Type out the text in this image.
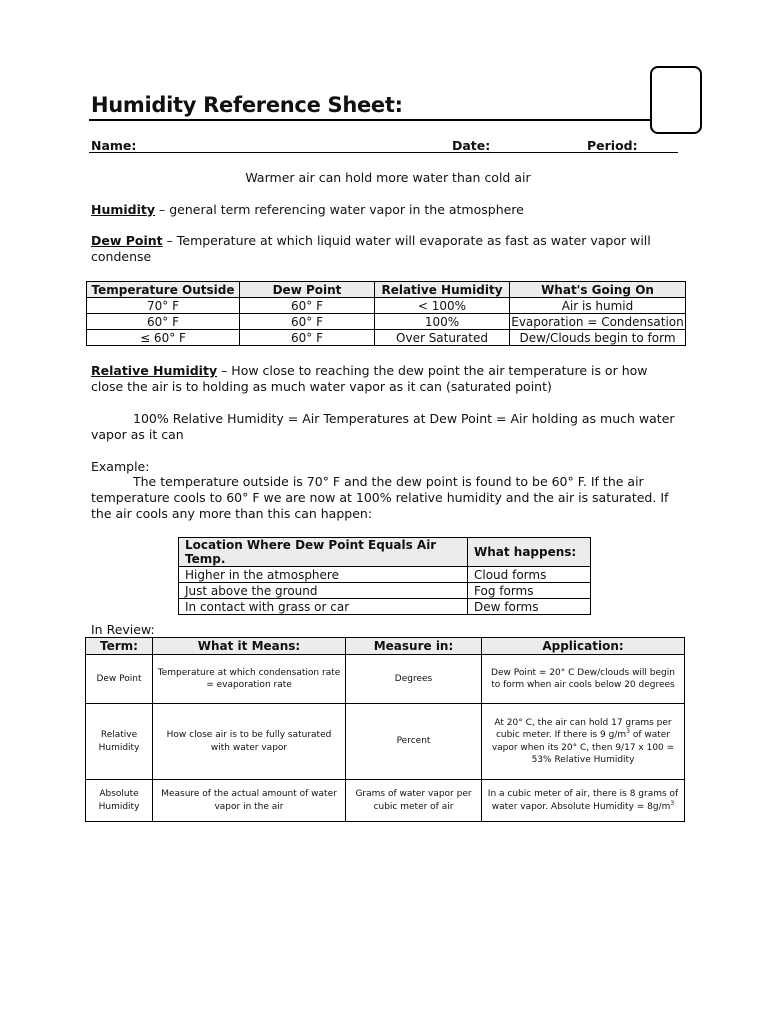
Humidity Reference Sheet:
Name:	Date:	Period:
Warmer air can hold more water than cold air
Humidity – general term referencing water vapor in the atmosphere
Dew Point – Temperature at which liquid water will evaporate as fast as water vapor will condense
Temperature Outside	Dew Point	Relative Humidity	What's Going On
70° F	60° F	< 100%	Air is humid
60° F	60° F	100%	Evaporation = Condensation
≤ 60° F	60° F	Over Saturated	Dew/Clouds begin to form
Relative Humidity – How close to reaching the dew point the air temperature is or how close the air is to holding as much water vapor as it can (saturated point)
100% Relative Humidity = Air Temperatures at Dew Point = Air holding as much water vapor as it can
Example:
The temperature outside is 70° F and the dew point is found to be 60° F. If the air temperature cools to 60° F we are now at 100% relative humidity and the air is saturated. If the air cools any more than this can happen:
Location Where Dew Point Equals Air Temp.	What happens:
Higher in the atmosphere	Cloud forms
Just above the ground	Fog forms
In contact with grass or car	Dew forms
In Review:
Term:	What it Means:	Measure in:	Application:
Dew Point	Temperature at which condensation rate = evaporation rate	Degrees	Dew Point = 20° C Dew/clouds will begin to form when air cools below 20 degrees
Relative Humidity	How close air is to be fully saturated with water vapor	Percent	At 20° C, the air can hold 17 grams per cubic meter. If there is 9 $g/m^3$ of water vapor when its 20° C, then 9/17 x 100 = 53% Relative Humidity
Absolute Humidity	Measure of the actual amount of water vapor in the air	Grams of water vapor per cubic meter of air	In a cubic meter of air, there is 8 grams of water vapor. Absolute Humidity = $8g/m^3$
